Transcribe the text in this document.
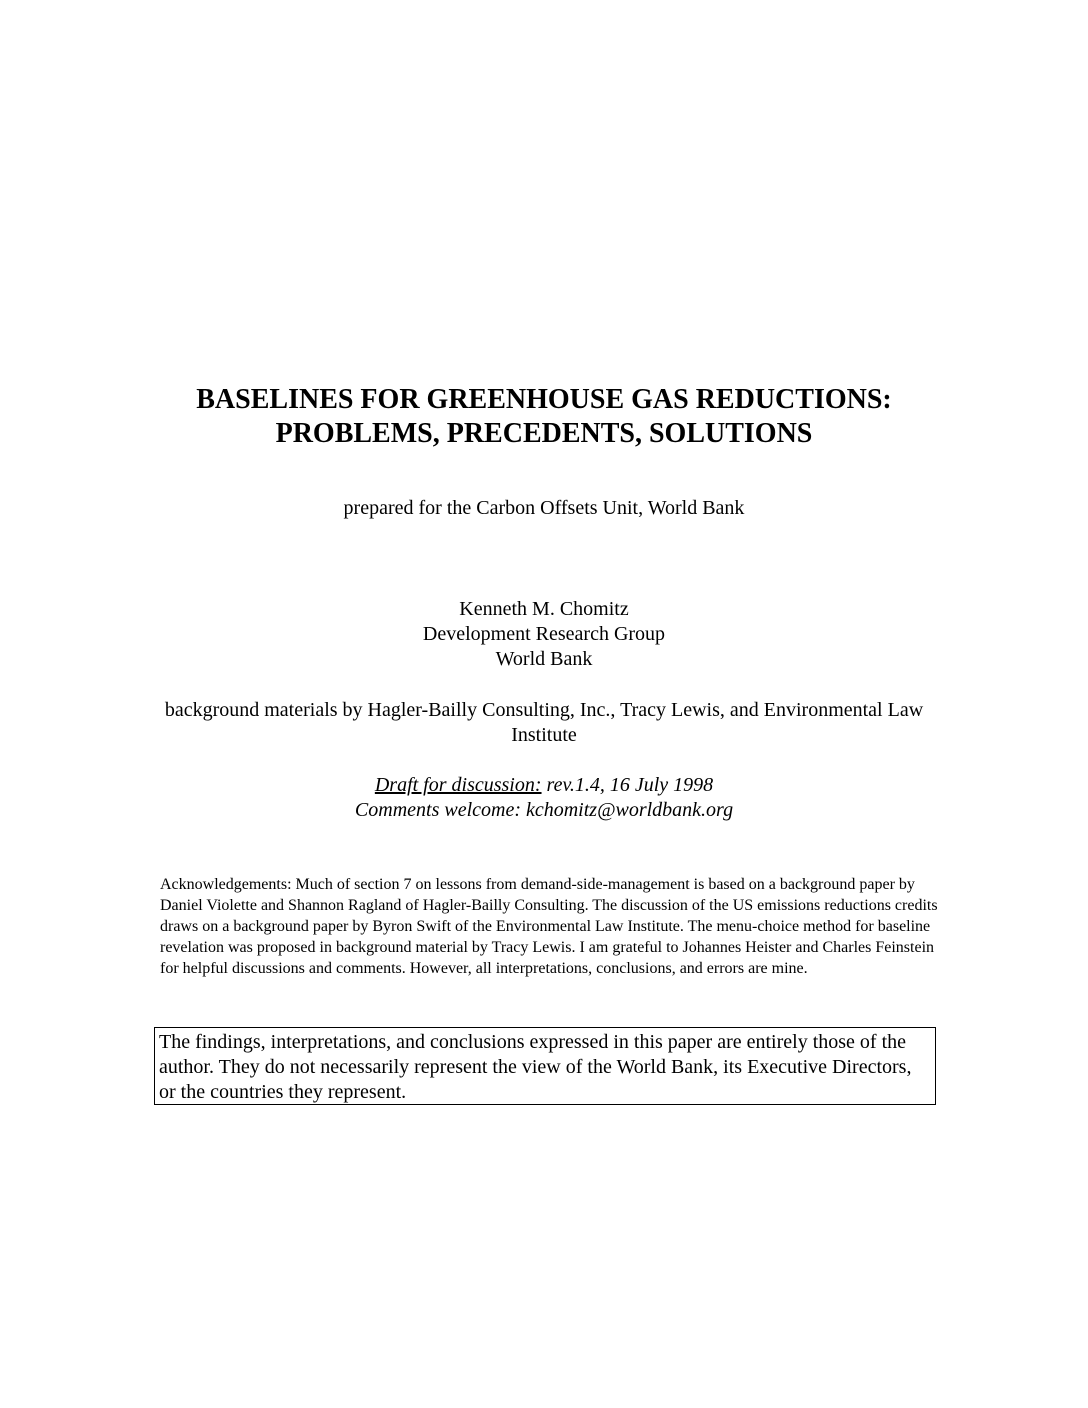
BASELINES FOR GREENHOUSE GAS REDUCTIONS:
PROBLEMS, PRECEDENTS, SOLUTIONS
prepared for the Carbon Offsets Unit, World Bank
Kenneth M. Chomitz
Development Research Group
World Bank
background materials by Hagler-Bailly Consulting, Inc., Tracy Lewis, and Environmental Law Institute
Draft for discussion: rev.1.4, 16 July 1998
Comments welcome: kchomitz@worldbank.org
Acknowledgements: Much of section 7 on lessons from demand-side-management is based on a background paper by Daniel Violette and Shannon Ragland of Hagler-Bailly Consulting. The discussion of the US emissions reductions credits draws on a background paper by Byron Swift of the Environmental Law Institute. The menu-choice method for baseline revelation was proposed in background material by Tracy Lewis. I am grateful to Johannes Heister and Charles Feinstein for helpful discussions and comments. However, all interpretations, conclusions, and errors are mine.
The findings, interpretations, and conclusions expressed in this paper are entirely those of the author. They do not necessarily represent the view of the World Bank, its Executive Directors, or the countries they represent.
